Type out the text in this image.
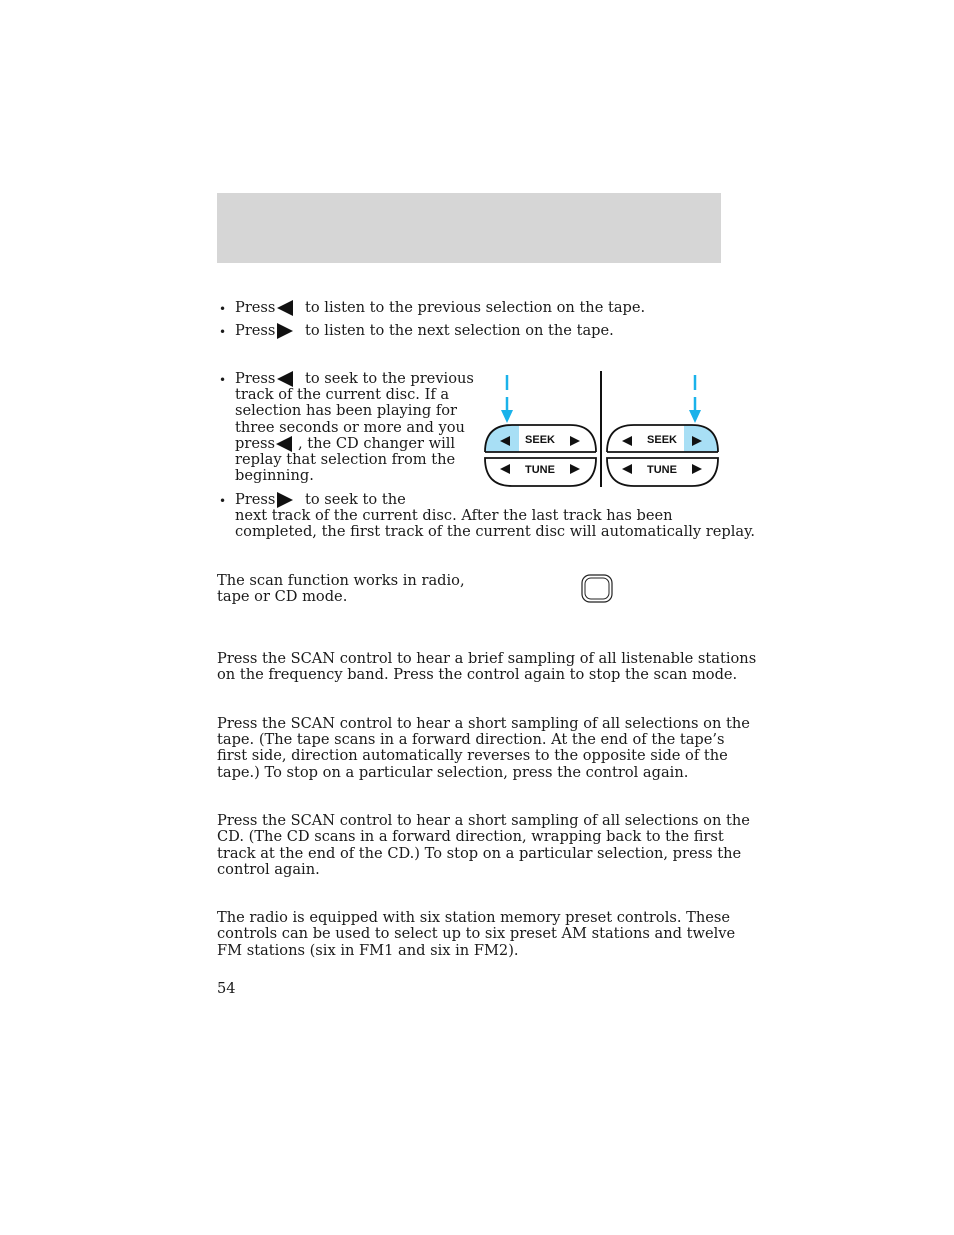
• Press to listen to the previous selection on the tape.
• Press to listen to the next selection on the tape.
• Press to seek to the previous
track of the current disc. If a
selection has been playing for
three seconds or more and you
press , the CD changer will
replay that selection from the
beginning.
• Press to seek to the
next track of the current disc. After the last track has been
completed, the first track of the current disc will automatically replay.
SEEK
TUNE
SEEK
TUNE
The scan function works in radio,
tape or CD mode.
Press the SCAN control to hear a brief sampling of all listenable stations
on the frequency band. Press the control again to stop the scan mode.
Press the SCAN control to hear a short sampling of all selections on the
tape. (The tape scans in a forward direction. At the end of the tape’s
first side, direction automatically reverses to the opposite side of the
tape.) To stop on a particular selection, press the control again.
Press the SCAN control to hear a short sampling of all selections on the
CD. (The CD scans in a forward direction, wrapping back to the first
track at the end of the CD.) To stop on a particular selection, press the
control again.
The radio is equipped with six station memory preset controls. These
controls can be used to select up to six preset AM stations and twelve
FM stations (six in FM1 and six in FM2).
54
